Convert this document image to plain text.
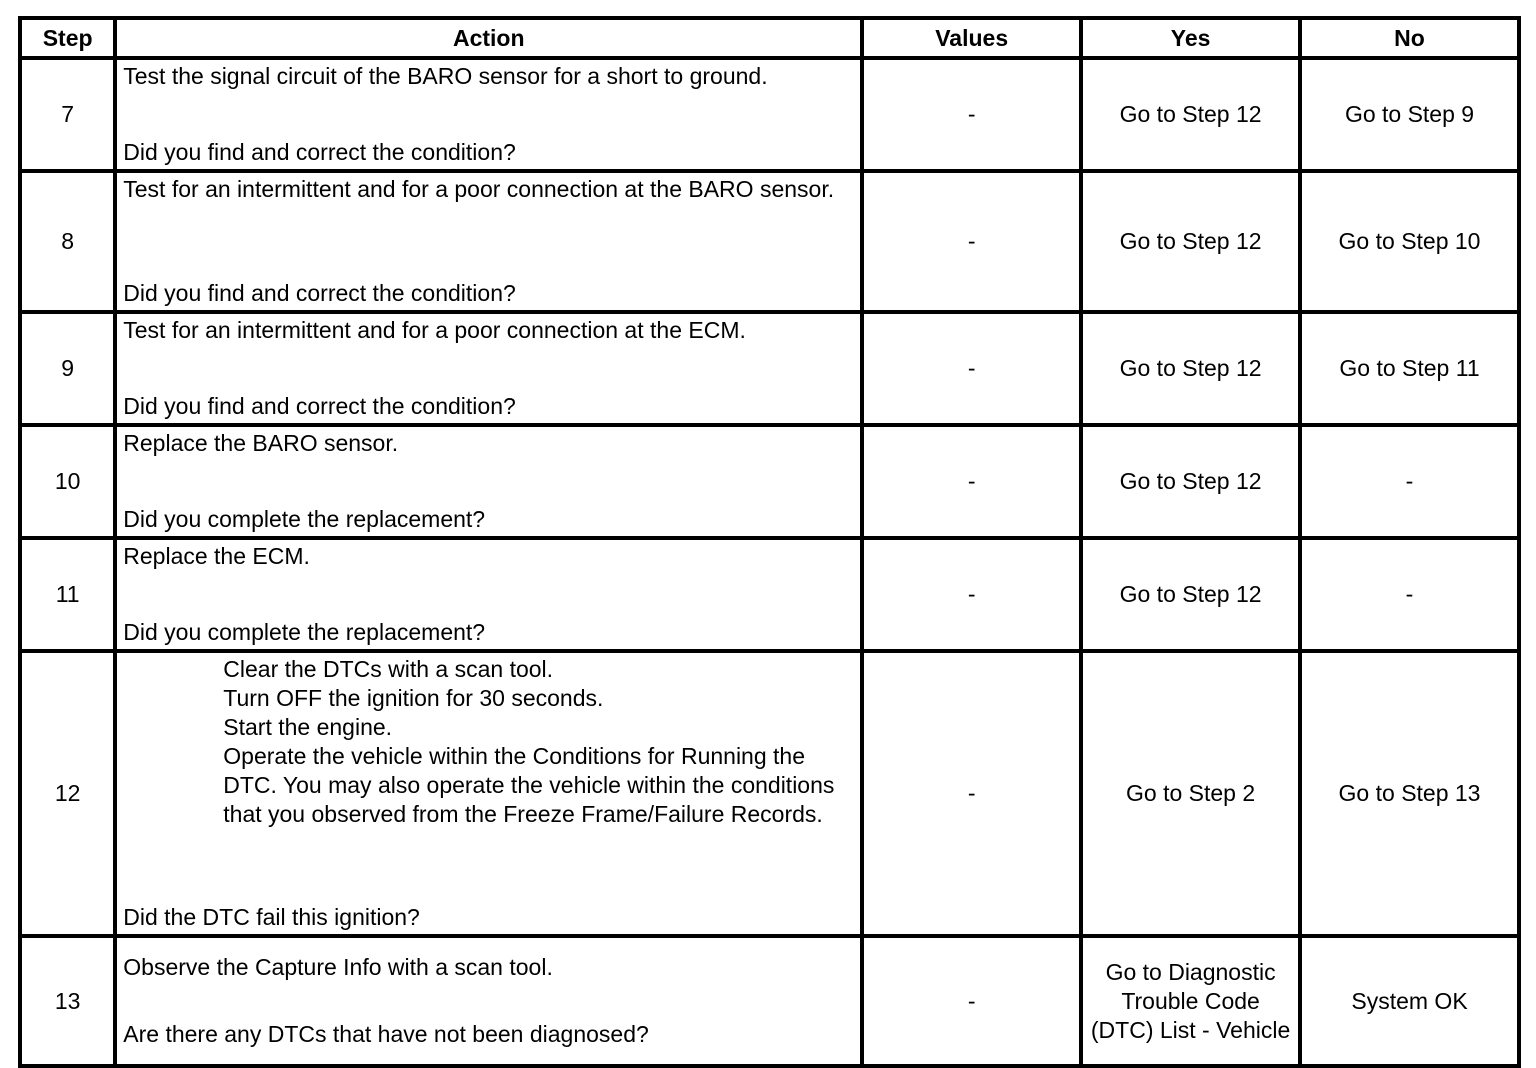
Step	Action	Values	Yes	No
7	Test the signal circuit of the BARO sensor for a short to ground.
Did you find and correct the condition?	-	Go to Step 12	Go to Step 9
8	Test for an intermittent and for a poor connection at the BARO sensor.
Did you find and correct the condition?	-	Go to Step 12	Go to Step 10
9	Test for an intermittent and for a poor connection at the ECM.
Did you find and correct the condition?	-	Go to Step 12	Go to Step 11
10	Replace the BARO sensor.
Did you complete the replacement?	-	Go to Step 12	-
11	Replace the ECM.
Did you complete the replacement?	-	Go to Step 12	-
12	Clear the DTCs with a scan tool.
Turn OFF the ignition for 30 seconds.
Start the engine.
Operate the vehicle within the Conditions for Running the DTC. You may also operate the vehicle within the conditions that you observed from the Freeze Frame/Failure Records.
Did the DTC fail this ignition?	-	Go to Step 2	Go to Step 13
13	Observe the Capture Info with a scan tool.
Are there any DTCs that have not been diagnosed?	-	Go to Diagnostic Trouble Code (DTC) List - Vehicle	System OK
